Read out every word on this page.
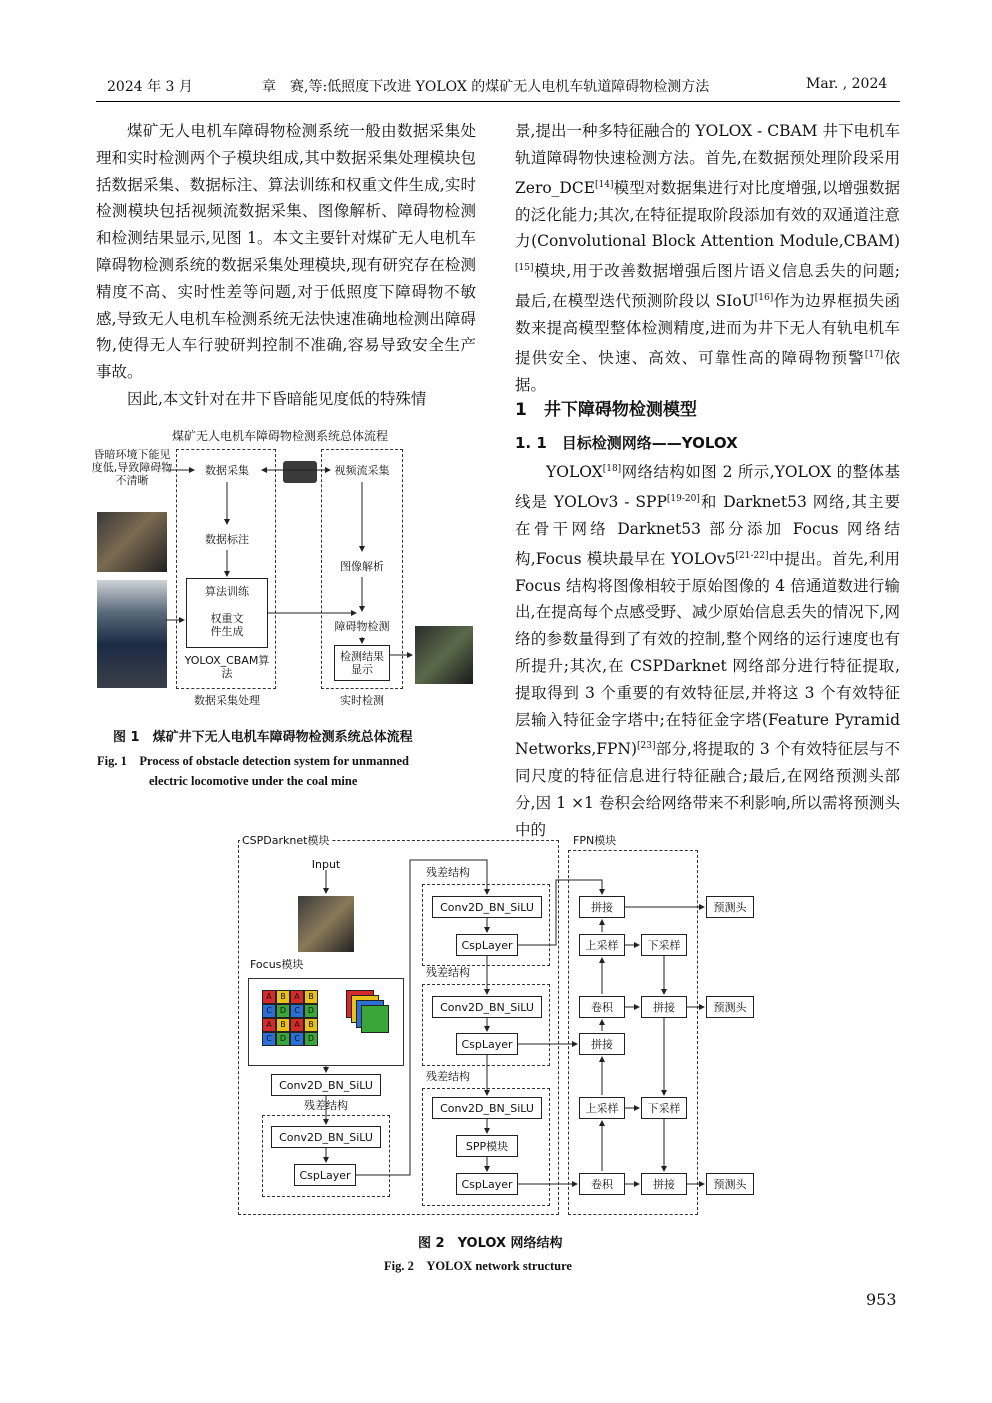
2024 年 3 月	章　赛,等:低照度下改进 YOLOX 的煤矿无人电机车轨道障碍物检测方法	Mar. , 2024

煤矿无人电机车障碍物检测系统一般由数据采集处理和实时检测两个子模块组成,其中数据采集处理模块包括数据采集、数据标注、算法训练和权重文件生成,实时检测模块包括视频流数据采集、图像解析、障碍物检测和检测结果显示,见图 1。本文主要针对煤矿无人电机车障碍物检测系统的数据采集处理模块,现有研究存在检测精度不高、实时性差等问题,对于低照度下障碍物不敏感,导致无人电机车检测系统无法快速准确地检测出障碍物,使得无人车行驶研判控制不准确,容易导致安全生产事故。

因此,本文针对在井下昏暗能见度低的特殊情

景,提出一种多特征融合的 YOLOX - CBAM 井下电机车轨道障碍物快速检测方法。首先,在数据预处理阶段采用 Zero_DCE[14]模型对数据集进行对比度增强,以增强数据的泛化能力;其次,在特征提取阶段添加有效的双通道注意力(Convolutional Block Attention Module,CBAM)[15]模块,用于改善数据增强后图片语义信息丢失的问题;最后,在模型迭代预测阶段以 SIoU[16]作为边界框损失函数来提高模型整体检测精度,进而为井下无人有轨电机车提供安全、快速、高效、可靠性高的障碍物预警[17]依据。

1　井下障碍物检测模型
1. 1　目标检测网络——YOLOX

YOLOX[18]网络结构如图 2 所示,YOLOX 的整体基线是 YOLOv3 - SPP[19-20]和 Darknet53 网络,其主要在骨干网络 Darknet53 部分添加 Focus 网络结构,Focus 模块最早在 YOLOv5[21-22]中提出。首先,利用 Focus 结构将图像相较于原始图像的 4 倍通道数进行输出,在提高每个点感受野、减少原始信息丢失的情况下,网络的参数量得到了有效的控制,整个网络的运行速度也有所提升;其次,在 CSPDarknet 网络部分进行特征提取,提取得到 3 个重要的有效特征层,并将这 3 个有效特征层输入特征金字塔中;在特征金字塔(Feature Pyramid Networks,FPN)[23]部分,将提取的 3 个有效特征层与不同尺度的特征信息进行特征融合;最后,在网络预测头部分,因 1 ×1 卷积会给网络带来不利影响,所以需将预测头中的

煤矿无人电机车障碍物检测系统总体流程
昏暗环境下能见度低,导致障碍物不清晰
数据采集
数据标注
算法训练
权重文件生成
YOLOX_CBAM算法
视频流采集
图像解析
障碍物检测
检测结果显示
数据采集处理	实时检测
图 1　煤矿井下无人电机车障碍物检测系统总体流程
Fig. 1　Process of obstacle detection system for unmanned
electric locomotive under the coal mine
CSPDarknet模块	FPN模块
Input
Focus模块
A	B	A	B
C	D	C	D
A	B	A	B
C	D	C	D
Conv2D_BN_SiLU
残差结构
Conv2D_BN_SiLU
CspLayer
残差结构
Conv2D_BN_SiLU
CspLayer
残差结构
Conv2D_BN_SiLU
CspLayer
残差结构
Conv2D_BN_SiLU
SPP模块
CspLayer
拼接
上采样
卷积
拼接
上采样
卷积
下采样
拼接
下采样
拼接
预测头
预测头
预测头
图 2　YOLOX 网络结构
Fig. 2　YOLOX network structure
953
